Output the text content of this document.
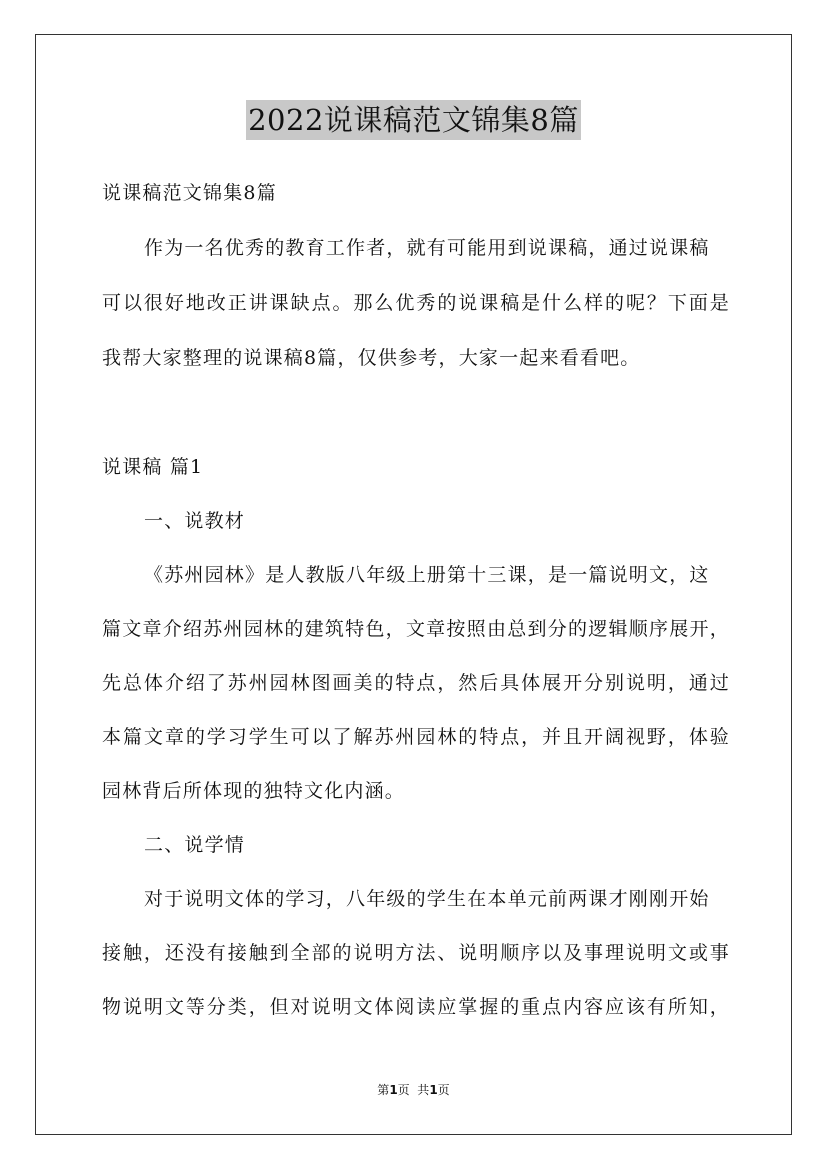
2022说课稿范文锦集8篇
说课稿范文锦集8篇
作为一名优秀的教育工作者，就有可能用到说课稿，通过说课稿
可以很好地改正讲课缺点。那么优秀的说课稿是什么样的呢？下面是
我帮大家整理的说课稿8篇，仅供参考，大家一起来看看吧。
说课稿 篇1
一、说教材
《苏州园林》是人教版八年级上册第十三课，是一篇说明文，这
篇文章介绍苏州园林的建筑特色，文章按照由总到分的逻辑顺序展开，
先总体介绍了苏州园林图画美的特点，然后具体展开分别说明，通过
本篇文章的学习学生可以了解苏州园林的特点，并且开阔视野，体验
园林背后所体现的独特文化内涵。
二、说学情
对于说明文体的学习，八年级的学生在本单元前两课才刚刚开始
接触，还没有接触到全部的说明方法、说明顺序以及事理说明文或事
物说明文等分类，但对说明文体阅读应掌握的重点内容应该有所知，
第1页  共1页
